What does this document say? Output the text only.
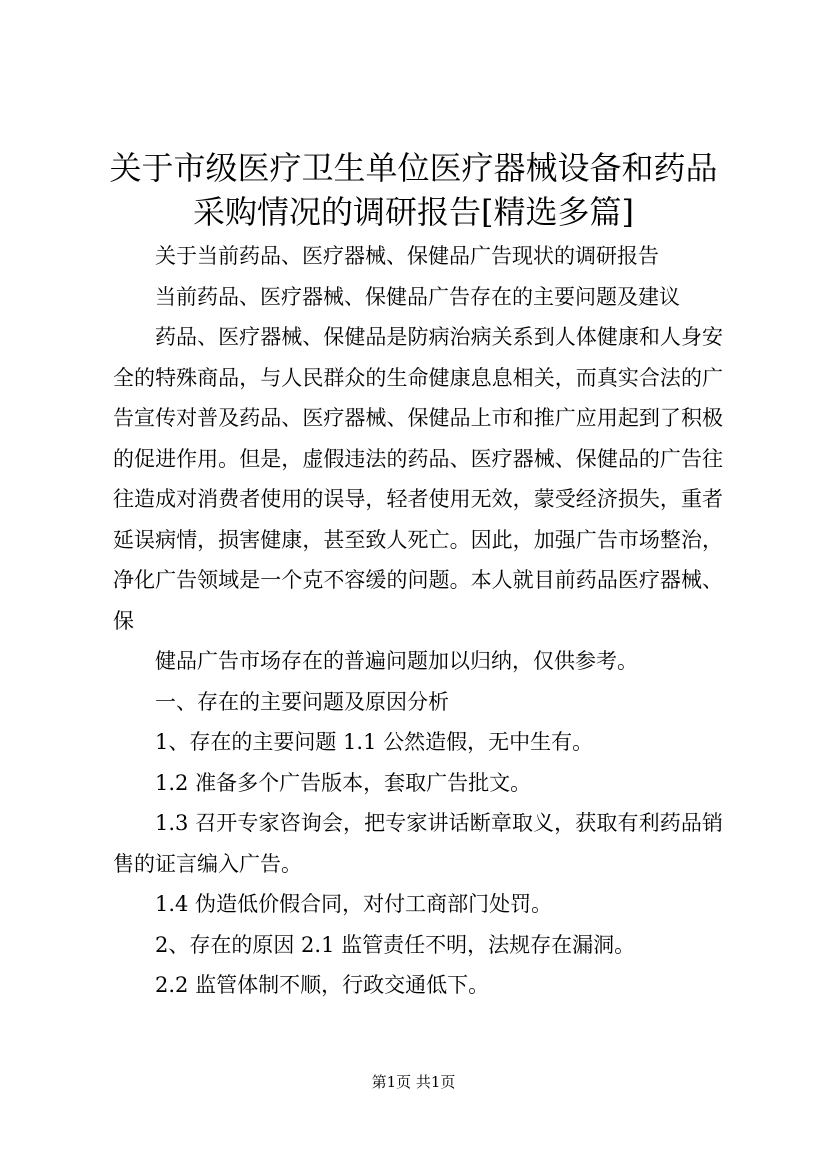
关于市级医疗卫生单位医疗器械设备和药品采购情况的调研报告[精选多篇]

关于当前药品、医疗器械、保健品广告现状的调研报告

当前药品、医疗器械、保健品广告存在的主要问题及建议

药品、医疗器械、保健品是防病治病关系到人体健康和人身安全的特殊商品，与人民群众的生命健康息息相关，而真实合法的广告宣传对普及药品、医疗器械、保健品上市和推广应用起到了积极的促进作用。但是，虚假违法的药品、医疗器械、保健品的广告往往造成对消费者使用的误导，轻者使用无效，蒙受经济损失，重者延误病情，损害健康，甚至致人死亡。因此，加强广告市场整治，净化广告领域是一个克不容缓的问题。本人就目前药品医疗器械、保

健品广告市场存在的普遍问题加以归纳，仅供参考。

一、存在的主要问题及原因分析

1、存在的主要问题 1.1 公然造假，无中生有。

1.2 准备多个广告版本，套取广告批文。

1.3 召开专家咨询会，把专家讲话断章取义，获取有利药品销售的证言编入广告。

1.4 伪造低价假合同，对付工商部门处罚。

2、存在的原因 2.1 监管责任不明，法规存在漏洞。

2.2 监管体制不顺，行政交通低下。

第1页 共1页
